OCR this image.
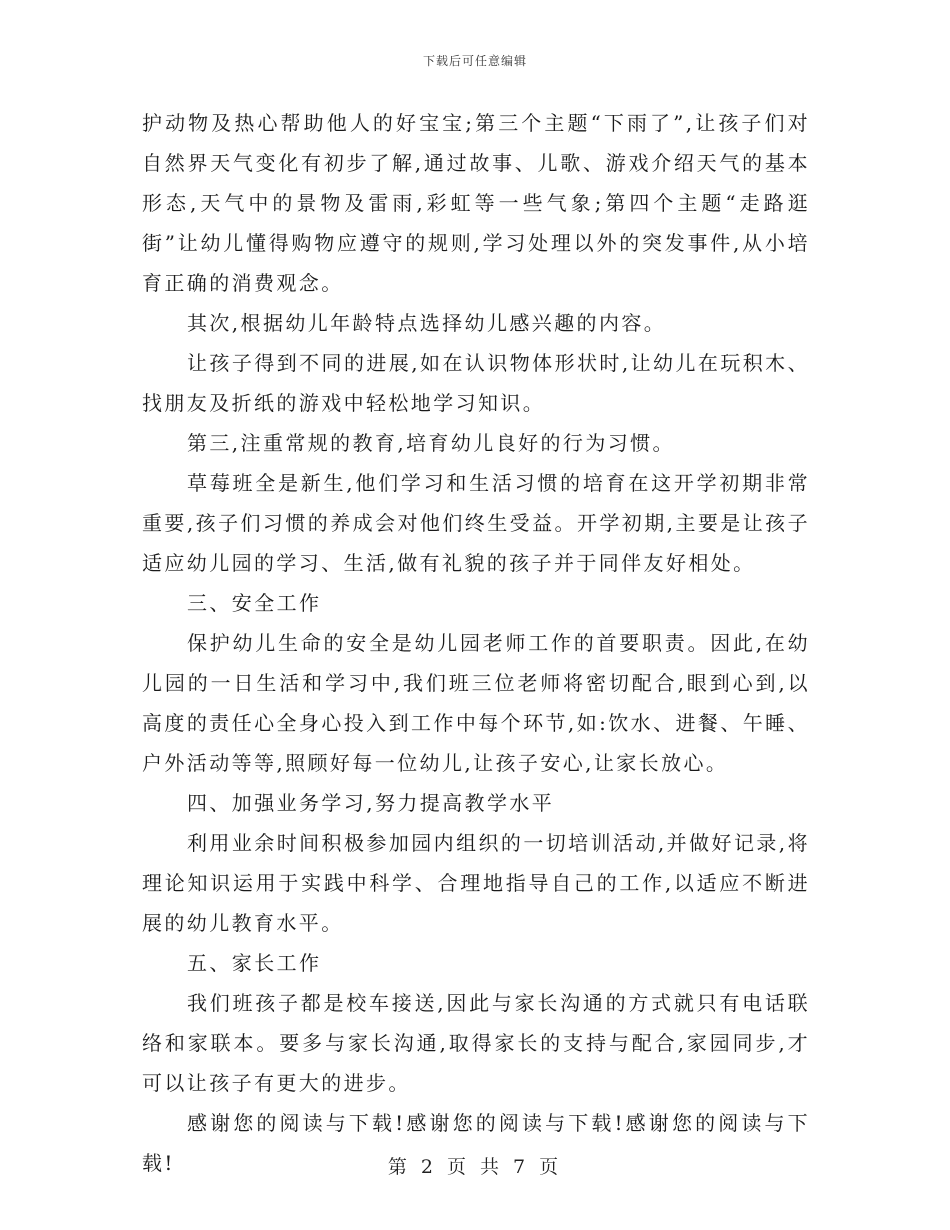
下载后可任意编辑

护动物及热心帮助他人的好宝宝;第三个主题“下雨了”,让孩子们对自然界天气变化有初步了解,通过故事、儿歌、游戏介绍天气的基本形态,天气中的景物及雷雨,彩虹等一些气象;第四个主题“走路逛街”让幼儿懂得购物应遵守的规则,学习处理以外的突发事件,从小培育正确的消费观念。

其次,根据幼儿年龄特点选择幼儿感兴趣的内容。

让孩子得到不同的进展,如在认识物体形状时,让幼儿在玩积木、找朋友及折纸的游戏中轻松地学习知识。

第三,注重常规的教育,培育幼儿良好的行为习惯。

草莓班全是新生,他们学习和生活习惯的培育在这开学初期非常重要,孩子们习惯的养成会对他们终生受益。开学初期,主要是让孩子适应幼儿园的学习、生活,做有礼貌的孩子并于同伴友好相处。

三、安全工作

保护幼儿生命的安全是幼儿园老师工作的首要职责。因此,在幼儿园的一日生活和学习中,我们班三位老师将密切配合,眼到心到,以高度的责任心全身心投入到工作中每个环节,如:饮水、进餐、午睡、户外活动等等,照顾好每一位幼儿,让孩子安心,让家长放心。

四、加强业务学习,努力提高教学水平

利用业余时间积极参加园内组织的一切培训活动,并做好记录,将理论知识运用于实践中科学、合理地指导自己的工作,以适应不断进展的幼儿教育水平。

五、家长工作

我们班孩子都是校车接送,因此与家长沟通的方式就只有电话联络和家联本。要多与家长沟通,取得家长的支持与配合,家园同步,才可以让孩子有更大的进步。

感谢您的阅读与下载!感谢您的阅读与下载!感谢您的阅读与下载!	第 2 页 共 7 页
